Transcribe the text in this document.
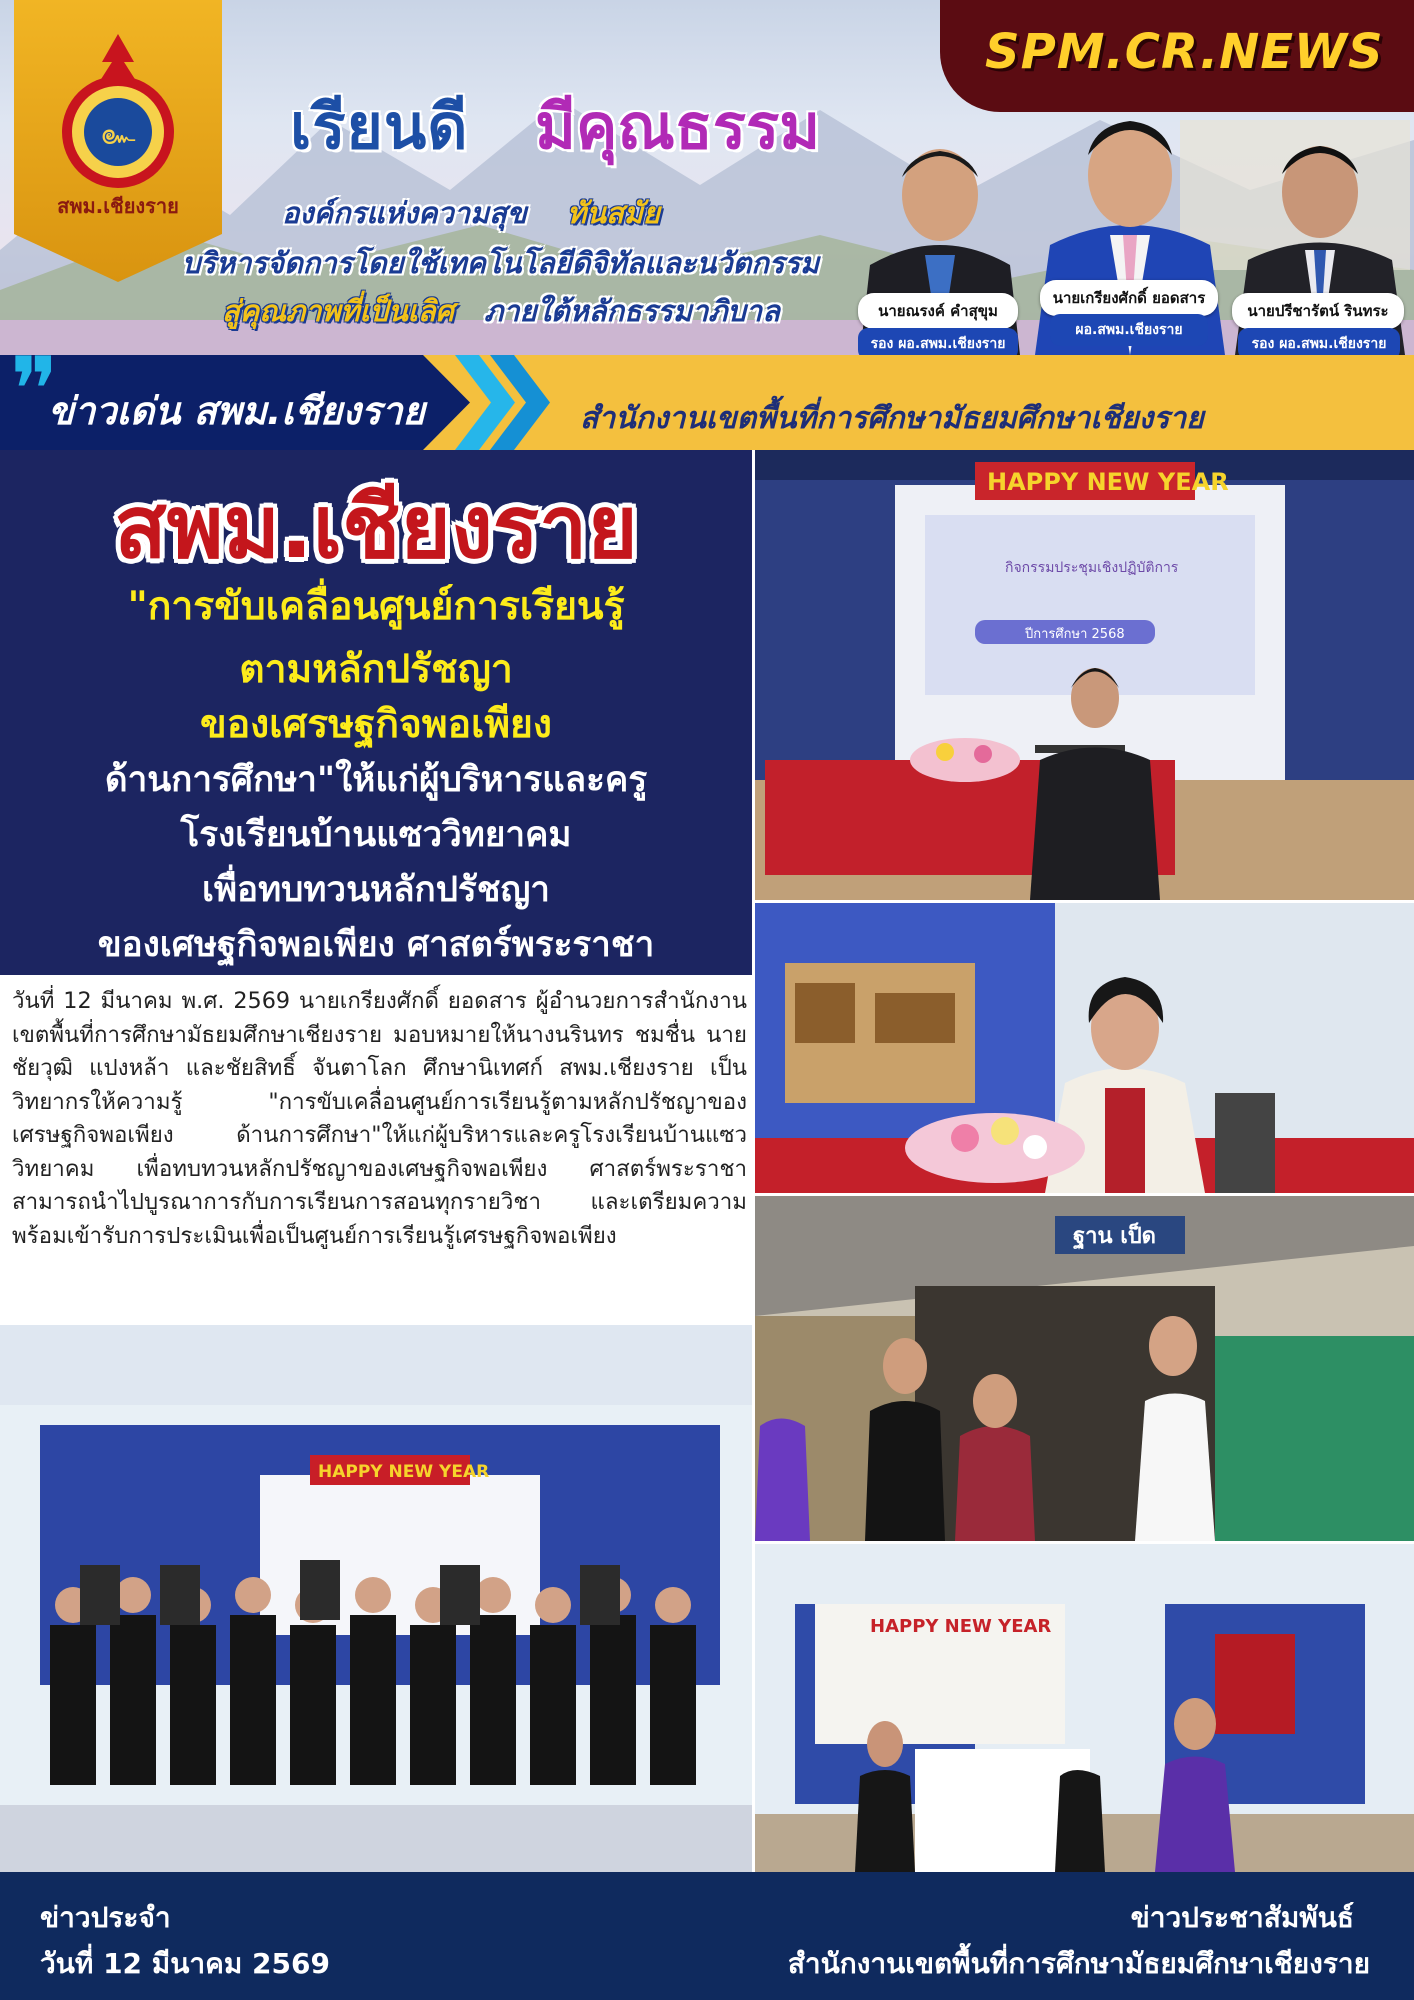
๛
สพม.เชียงราย
เรียนดี มีคุณธรรม
องค์กรแห่งความสุข ทันสมัย
บริหารจัดการโดยใช้เทคโนโลยีดิจิทัลและนวัตกรรม
สู่คุณภาพที่เป็นเลิศ ภายใต้หลักธรรมาภิบาล
SPM.CR.NEWS
นายณรงค์ คำสุขุม
รอง ผอ.สพม.เชียงราย
นายเกรียงศักดิ์ ยอดสาร
ผอ.สพม.เชียงราย
นายปรีชารัตน์ รินทระ
รอง ผอ.สพม.เชียงราย
❞
ข่าวเด่น สพม.เชียงราย	สำนักงานเขตพื้นที่การศึกษามัธยมศึกษาเชียงราย
สพม.เชียงราย
"การขับเคลื่อนศูนย์การเรียนรู้
ตามหลักปรัชญา
ของเศรษฐกิจพอเพียง
ด้านการศึกษา"ให้แก่ผู้บริหารและครู
โรงเรียนบ้านแซววิทยาคม
เพื่อทบทวนหลักปรัชญา
ของเศษฐกิจพอเพียง ศาสตร์พระราชา
วันที่ 12 มีนาคม พ.ศ. 2569 นายเกรียงศักดิ์ ยอดสาร ผู้อำนวยการสำนักงานเขตพื้นที่การศึกษามัธยมศึกษาเชียงราย มอบหมายให้นางนรินทร ชมชื่น นายชัยวุฒิ แปงหล้า และชัยสิทธิ์ จันตาโลก ศึกษานิเทศก์ สพม.เชียงราย เป็นวิทยากรให้ความรู้ "การขับเคลื่อนศูนย์การเรียนรู้ตามหลักปรัชญาของเศรษฐกิจพอเพียง ด้านการศึกษา"ให้แก่ผู้บริหารและครูโรงเรียนบ้านแซววิทยาคม เพื่อทบทวนหลักปรัชญาของเศษฐกิจพอเพียง ศาสตร์พระราชา สามารถนำไปบูรณาการกับการเรียนการสอนทุกรายวิชา และเตรียมความพร้อมเข้ารับการประเมินเพื่อเป็นศูนย์การเรียนรู้เศรษฐกิจพอเพียง
กิจกรรมประชุมเชิงปฏิบัติการ
ปีการศึกษา 2568
HAPPY NEW YEAR
ฐาน เป็ด
HAPPY NEW YEAR
HAPPY NEW YEAR
ข่าวประจำ
วันที่ 12 มีนาคม 2569
ข่าวประชาสัมพันธ์
สำนักงานเขตพื้นที่การศึกษามัธยมศึกษาเชียงราย
